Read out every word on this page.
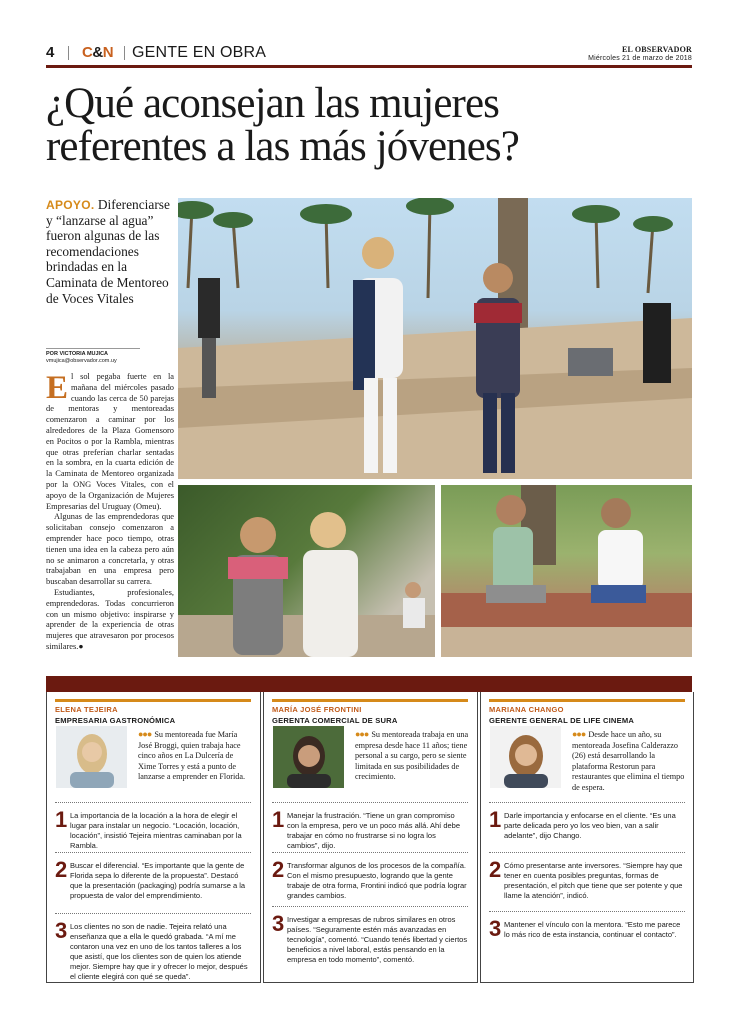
4 C&N GENTE EN OBRA	EL OBSERVADOR
Miércoles 21 de marzo de 2018
¿Qué aconsejan las mujeres
referentes a las más jóvenes?
APOYO. Diferenciarse y “lanzarse al agua” fueron algunas de las recomendaciones brindadas en la Caminata de Mentoreo de Voces Vitales
POR VICTORIA MUJICA
vmujica@observador.com.uy

El sol pegaba fuerte en la mañana del miércoles pasado cuando las cerca de 50 parejas de mentoras y mentoreadas comenzaron a caminar por los alrededores de la Plaza Gomensoro en Pocitos o por la Rambla, mientras que otras preferían charlar sentadas en la sombra, en la cuarta edición de la Caminata de Mentoreo organizada por la ONG Voces Vitales, con el apoyo de la Organización de Mujeres Empresarias del Uruguay (Omeu).

Algunas de las emprendedoras que solicitaban consejo comenzaron a emprender hace poco tiempo, otras tienen una idea en la cabeza pero aún no se animaron a concretarla, y otras trabajaban en una empresa pero buscaban desarrollar su carrera.

Estudiantes, profesionales, emprendedoras. Todas concurrieron con un mismo objetivo: inspirarse y aprender de la experiencia de otras mujeres que atravesaron por procesos similares.●

ELENA TEJEIRA
EMPRESARIA GASTRONÓMICA
●●● Su mentoreada fue María José Broggi, quien trabaja hace cinco años en La Dulcería de Xime Torres y está a punto de lanzarse a emprender en Florida.
1 La importancia de la locación a la hora de elegir el lugar para instalar un negocio. “Locación, locación, locación”, insistió Tejeira mientras caminaban por la Rambla.
2 Buscar el diferencial. “Es importante que la gente de Florida sepa lo diferente de la propuesta”. Destacó que la presentación (packaging) podría sumarse a la propuesta de valor del emprendimiento.
3 Los clientes no son de nadie. Tejeira relató una enseñanza que a ella le quedó grabada. “A mí me contaron una vez en uno de los tantos talleres a los que asistí, que los clientes son de quien los atiende mejor. Siempre hay que ir y ofrecer lo mejor, después el cliente elegirá con qué se queda”.
MARÍA JOSÉ FRONTINI
GERENTA COMERCIAL DE SURA
●●● Su mentoreada trabaja en una empresa desde hace 11 años; tiene personal a su cargo, pero se siente limitada en sus posibilidades de crecimiento.
1 Manejar la frustración. “Tiene un gran compromiso con la empresa, pero ve un poco más allá. Ahí debe trabajar en cómo no frustrarse si no logra los cambios”, dijo.
2 Transformar algunos de los procesos de la compañía. Con el mismo presupuesto, logrando que la gente trabaje de otra forma, Frontini indicó que podría lograr grandes cambios.
3 Investigar a empresas de rubros similares en otros países. “Seguramente estén más avanzadas en tecnología”, comentó. “Cuando tenés libertad y ciertos beneficios a nivel laboral, estás pensando en la empresa en todo momento”, comentó.
MARIANA CHANGO
GERENTE GENERAL DE LIFE CINEMA
●●● Desde hace un año, su mentoreada Josefina Calderazzo (26) está desarrollando la plataforma Restorun para restaurantes que elimina el tiempo de espera.
1 Darle importancia y enfocarse en el cliente. “Es una parte delicada pero yo los veo bien, van a salir adelante”, dijo Chango.
2 Cómo presentarse ante inversores. “Siempre hay que tener en cuenta posibles preguntas, formas de presentación, el pitch que tiene que ser potente y que llame la atención”, indicó.
3 Mantener el vínculo con la mentora. “Esto me parece lo más rico de esta instancia, continuar el contacto”.
